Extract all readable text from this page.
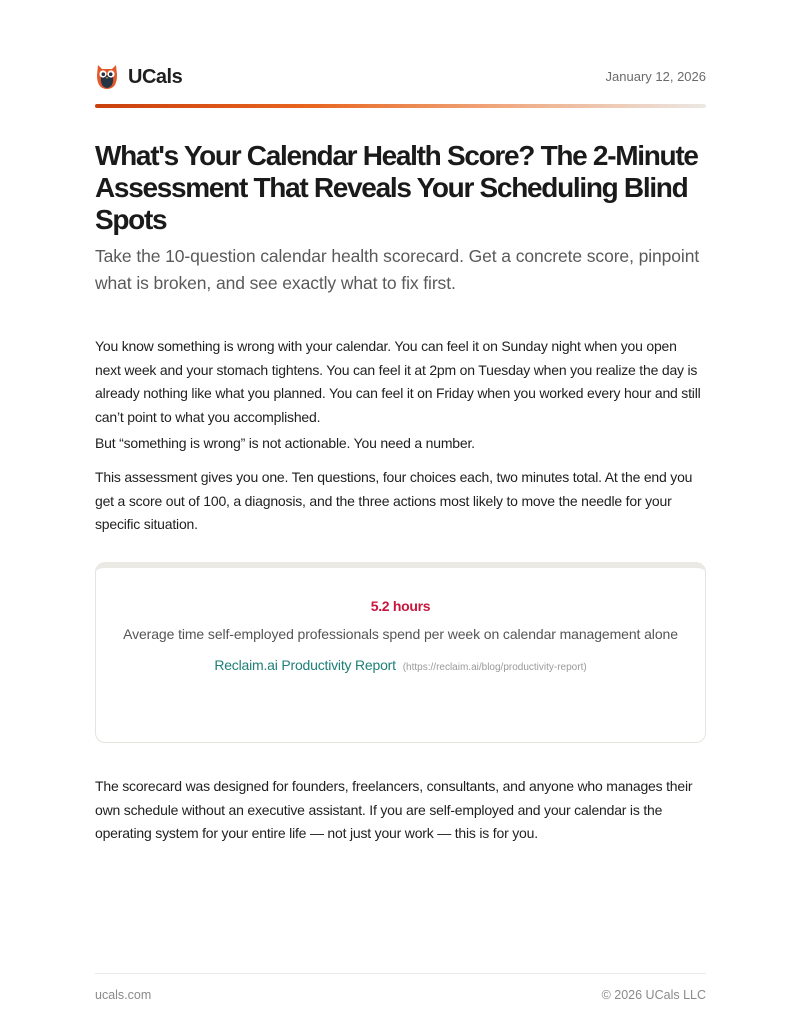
UCals	January 12, 2026
What's Your Calendar Health Score? The 2-Minute Assessment That Reveals Your Scheduling Blind Spots

Take the 10-question calendar health scorecard. Get a concrete score, pinpoint what is broken, and see exactly what to fix first.

You know something is wrong with your calendar. You can feel it on Sunday night when you open next week and your stomach tightens. You can feel it at 2pm on Tuesday when you realize the day is already nothing like what you planned. You can feel it on Friday when you worked every hour and still can’t point to what you accomplished.

But “something is wrong” is not actionable. You need a number.

This assessment gives you one. Ten questions, four choices each, two minutes total. At the end you get a score out of 100, a diagnosis, and the three actions most likely to move the needle for your specific situation.

5.2 hours
Average time self-employed professionals spend per week on calendar management alone
Reclaim.ai Productivity Report (https://reclaim.ai/blog/productivity-report)

The scorecard was designed for founders, freelancers, consultants, and anyone who manages their own schedule without an executive assistant. If you are self-employed and your calendar is the operating system for your entire life — not just your work — this is for you.

ucals.com	© 2026 UCals LLC
